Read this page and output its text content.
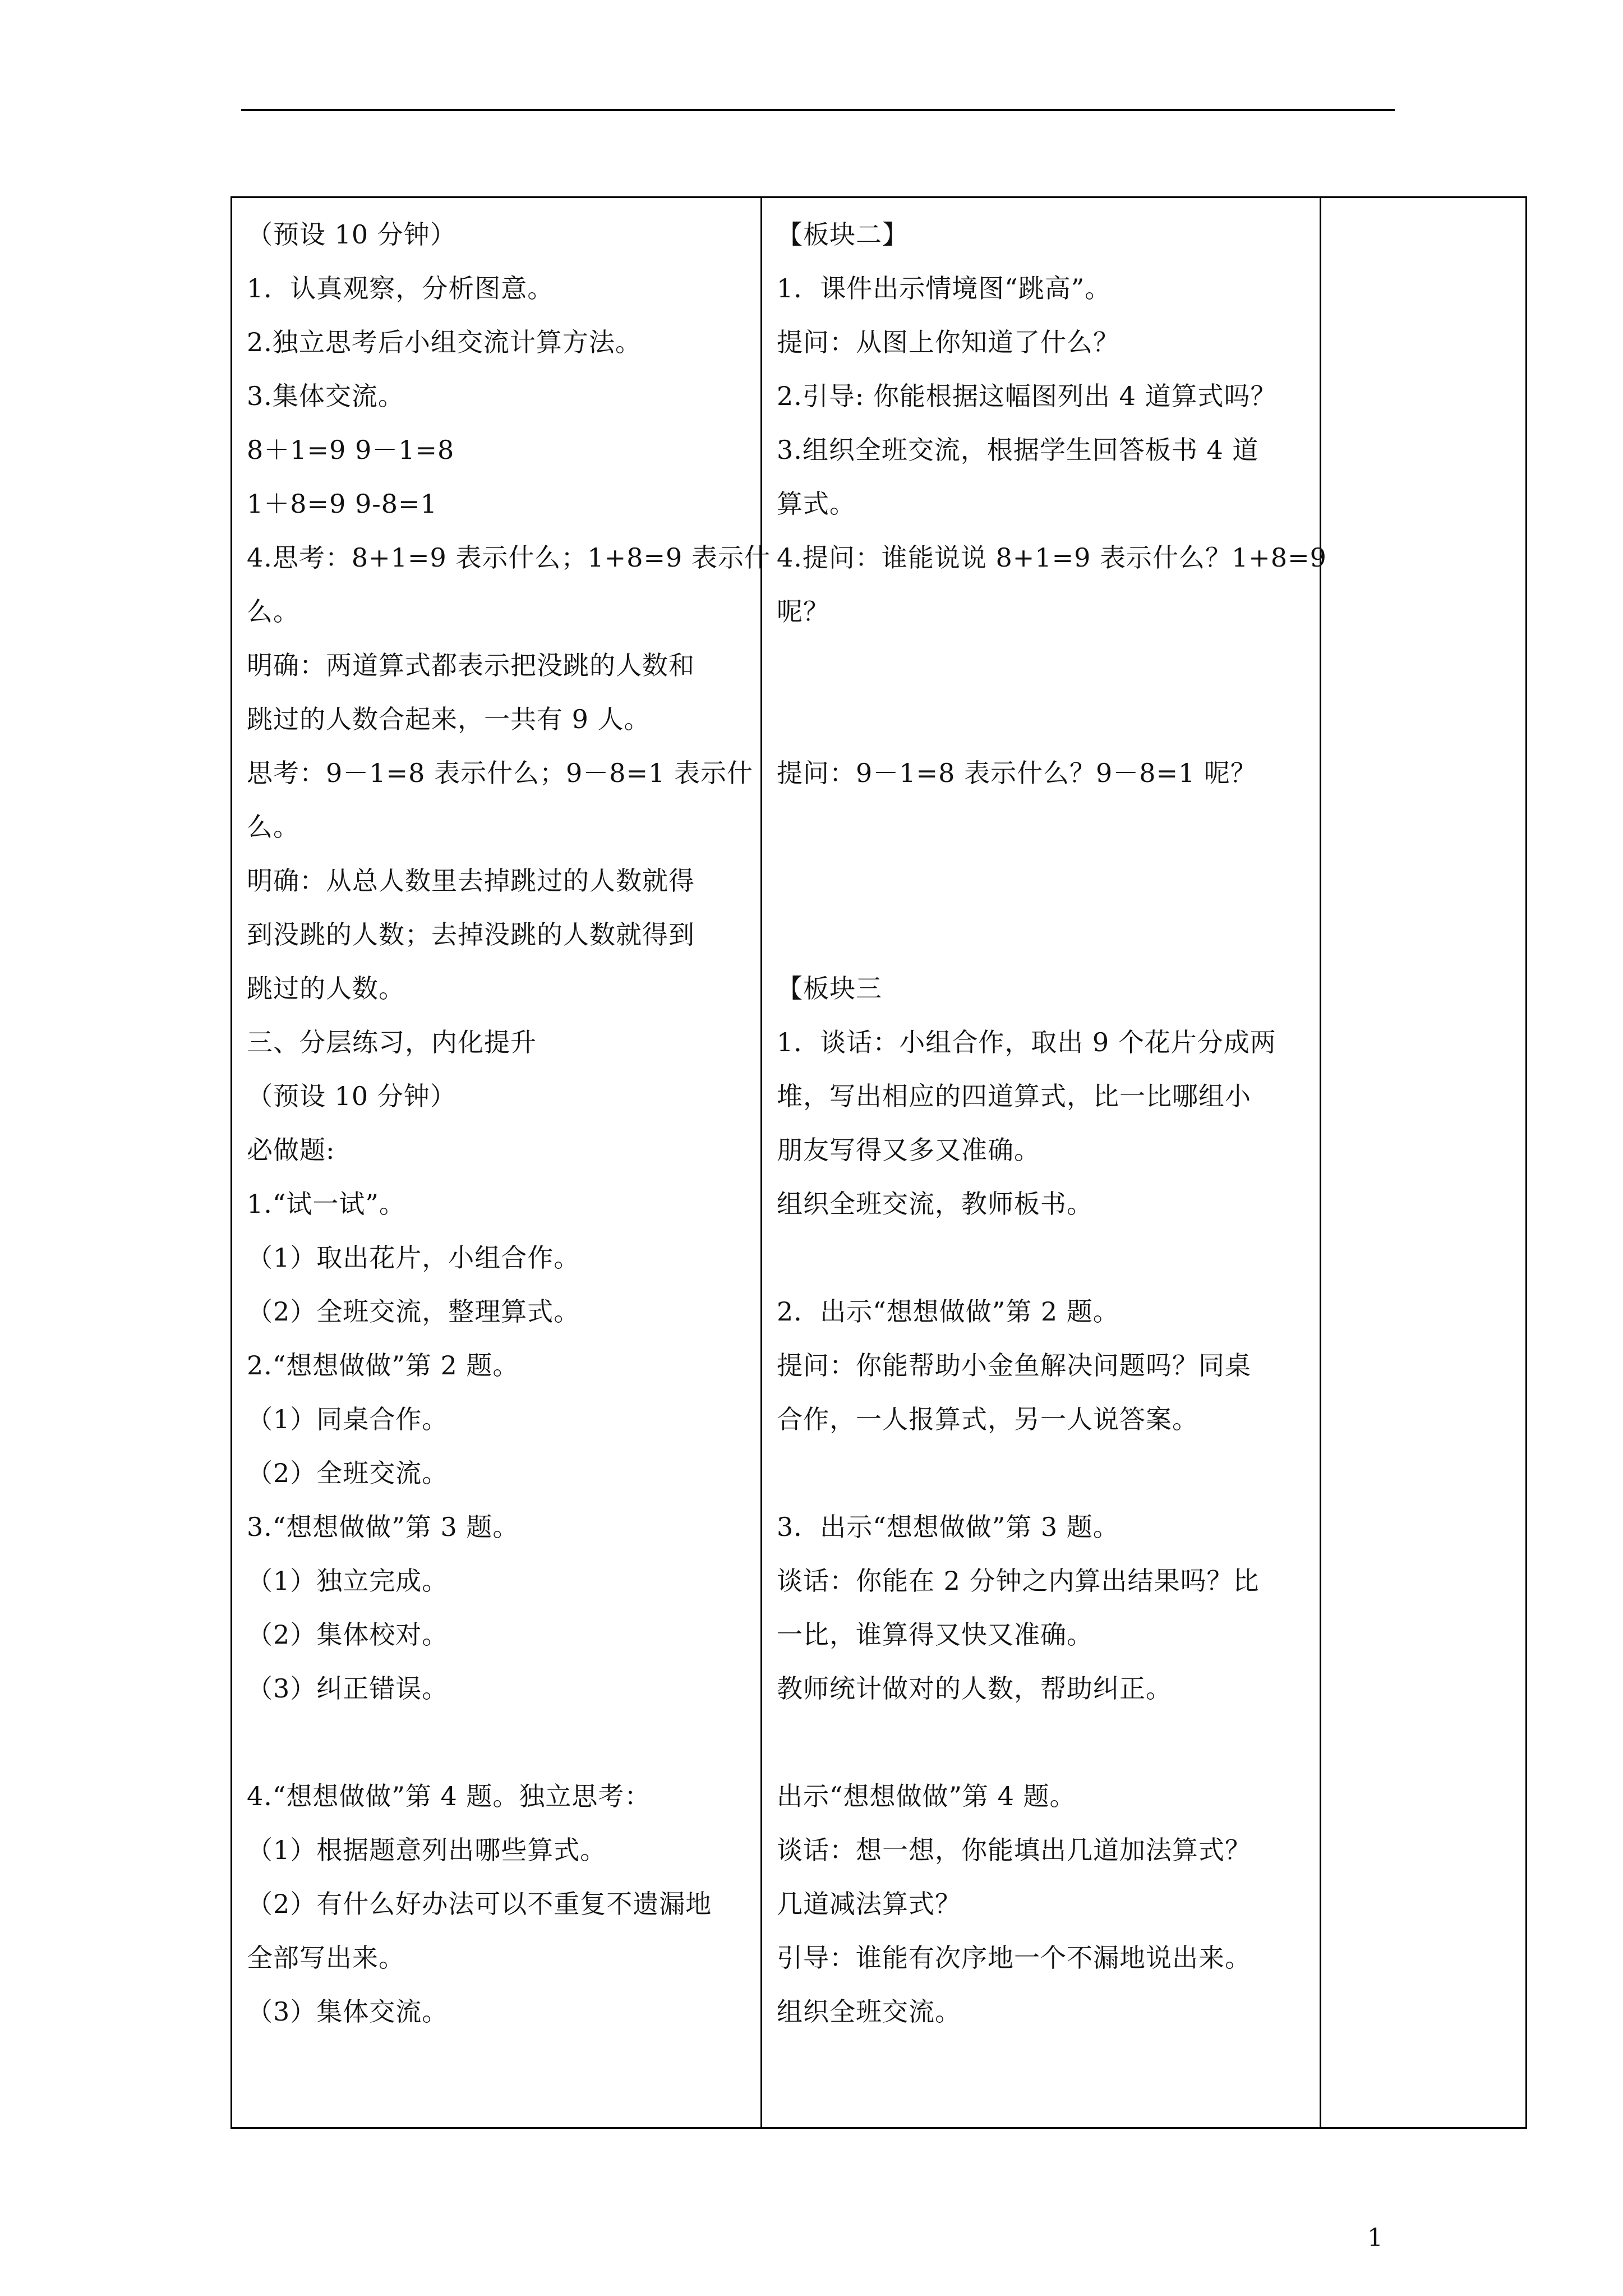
（预设 10 分钟）
1．认真观察，分析图意。
2.独立思考后小组交流计算方法。
3.集体交流。
8＋1=9 9－1=8
1＋8=9 9-8=1
4.思考：8+1=9 表示什么；1+8=9 表示什
么。
明确：两道算式都表示把没跳的人数和
跳过的人数合起来，一共有 9 人。
思考：9－1=8 表示什么；9－8=1 表示什
么。
明确：从总人数里去掉跳过的人数就得
到没跳的人数；去掉没跳的人数就得到
跳过的人数。
三、分层练习，内化提升
（预设 10 分钟）
必做题:
1.“试一试”。
（1）取出花片，小组合作。
（2）全班交流，整理算式。
2.“想想做做”第 2 题。
（1）同桌合作。
（2）全班交流。
3.“想想做做”第 3 题。
（1）独立完成。
（2）集体校对。
（3）纠正错误。
4.“想想做做”第 4 题。独立思考：
（1）根据题意列出哪些算式。
（2）有什么好办法可以不重复不遗漏地
全部写出来。
（3）集体交流。
【板块二】
1．课件出示情境图“跳高”。
提问：从图上你知道了什么？
2.引导: 你能根据这幅图列出 4 道算式吗？
3.组织全班交流，根据学生回答板书 4 道
算式。
4.提问：谁能说说 8+1=9 表示什么？1+8=9
呢？
提问：9－1=8 表示什么？9－8=1 呢？
【板块三
1．谈话：小组合作，取出 9 个花片分成两
堆，写出相应的四道算式，比一比哪组小
朋友写得又多又准确。
组织全班交流，教师板书。
2．出示“想想做做”第 2 题。
提问：你能帮助小金鱼解决问题吗？同桌
合作，一人报算式，另一人说答案。
3．出示“想想做做”第 3 题。
谈话：你能在 2 分钟之内算出结果吗？比
一比，谁算得又快又准确。
教师统计做对的人数，帮助纠正。
出示“想想做做”第 4 题。
谈话：想一想，你能填出几道加法算式？
几道减法算式？
引导：谁能有次序地一个不漏地说出来。
组织全班交流。
1
